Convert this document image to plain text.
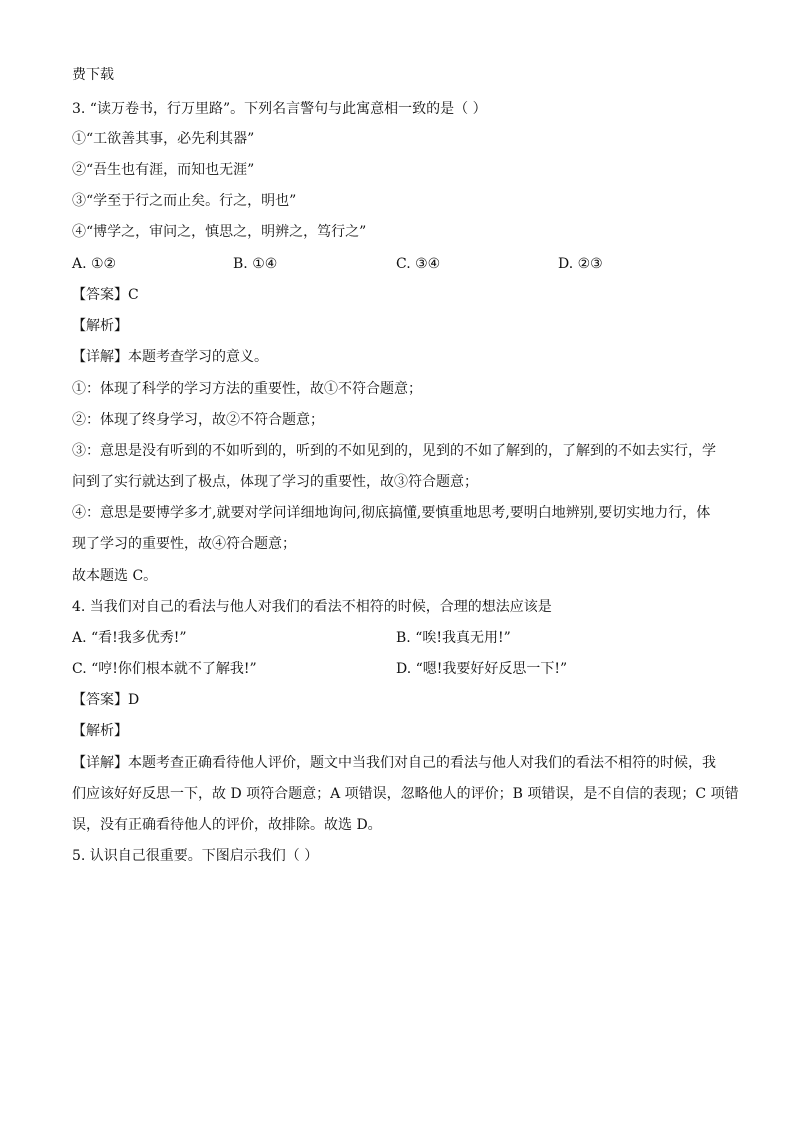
费下载
3. “读万卷书，行万里路”。下列名言警句与此寓意相一致的是（ ）
①“工欲善其事，必先利其器”
②“吾生也有涯，而知也无涯”
③“学至于行之而止矣。行之，明也”
④“博学之，审问之，慎思之，明辨之，笃行之”
A. ①②	B. ①④	C. ③④	D. ②③
【答案】C
【解析】
【详解】本题考查学习的意义。
①：体现了科学的学习方法的重要性，故①不符合题意；
②：体现了终身学习，故②不符合题意；
③：意思是没有听到的不如听到的，听到的不如见到的，见到的不如了解到的，了解到的不如去实行，学
问到了实行就达到了极点，体现了学习的重要性，故③符合题意；
④：意思是要博学多才,就要对学问详细地询问,彻底搞懂,要慎重地思考,要明白地辨别,要切实地力行，体
现了学习的重要性，故④符合题意；
故本题选 C。
4. 当我们对自己的看法与他人对我们的看法不相符的时候，合理的想法应该是
A. “看!我多优秀!”	B. “唉!我真无用!”
C. “哼!你们根本就不了解我!”	D. “嗯!我要好好反思一下!”
【答案】D
【解析】
【详解】本题考查正确看待他人评价，题文中当我们对自己的看法与他人对我们的看法不相符的时候，我
们应该好好反思一下，故 D 项符合题意；A 项错误，忽略他人的评价；B 项错误，是不自信的表现；C 项错
误，没有正确看待他人的评价，故排除。故选 D。
5. 认识自己很重要。下图启示我们（ ）
